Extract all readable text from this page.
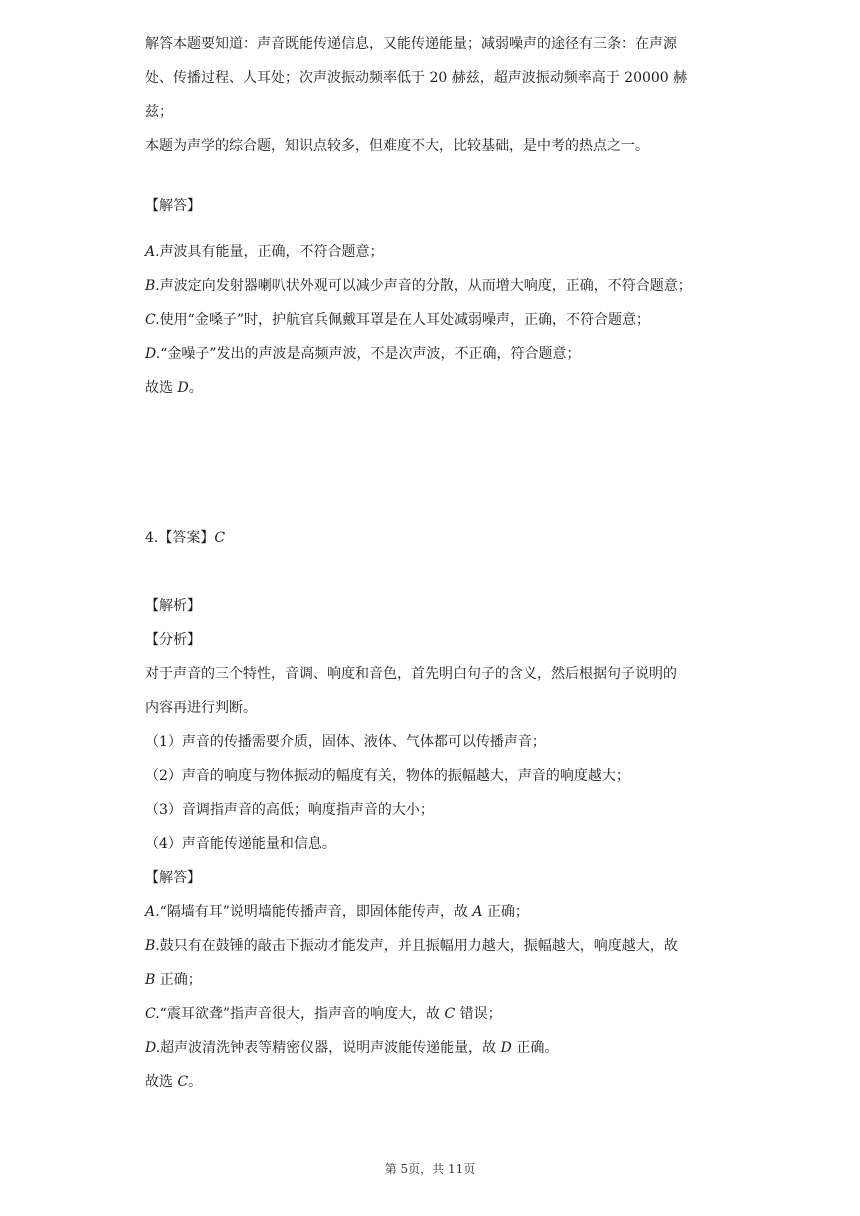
解答本题要知道：声音既能传递信息，又能传递能量；减弱噪声的途径有三条：在声源
处、传播过程、人耳处；次声波振动频率低于 20 赫兹，超声波振动频率高于 20000 赫
兹；
本题为声学的综合题，知识点较多，但难度不大，比较基础，是中考的热点之一。
【解答】
A.声波具有能量，正确，不符合题意；
B.声波定向发射器喇叭状外观可以减少声音的分散，从而增大响度，正确，不符合题意；
C.使用“金嗓子”时，护航官兵佩戴耳罩是在人耳处减弱噪声，正确，不符合题意；
D.“金噪子”发出的声波是高频声波，不是次声波，不正确，符合题意；
故选 D。
4.【答案】C
【解析】
【分析】
对于声音的三个特性，音调、响度和音色，首先明白句子的含义，然后根据句子说明的
内容再进行判断。
（1）声音的传播需要介质，固体、液体、气体都可以传播声音；
（2）声音的响度与物体振动的幅度有关，物体的振幅越大，声音的响度越大；
（3）音调指声音的高低；响度指声音的大小；
（4）声音能传递能量和信息。
【解答】
A.“隔墙有耳”说明墙能传播声音，即固体能传声，故 A 正确；
B.鼓只有在鼓锤的敲击下振动才能发声，并且振幅用力越大，振幅越大，响度越大，故
B 正确；
C.“震耳欲聋”指声音很大，指声音的响度大，故 C 错误；
D.超声波清洗钟表等精密仪器，说明声波能传递能量，故 D 正确。
故选 C。
第 5页，共 11页
